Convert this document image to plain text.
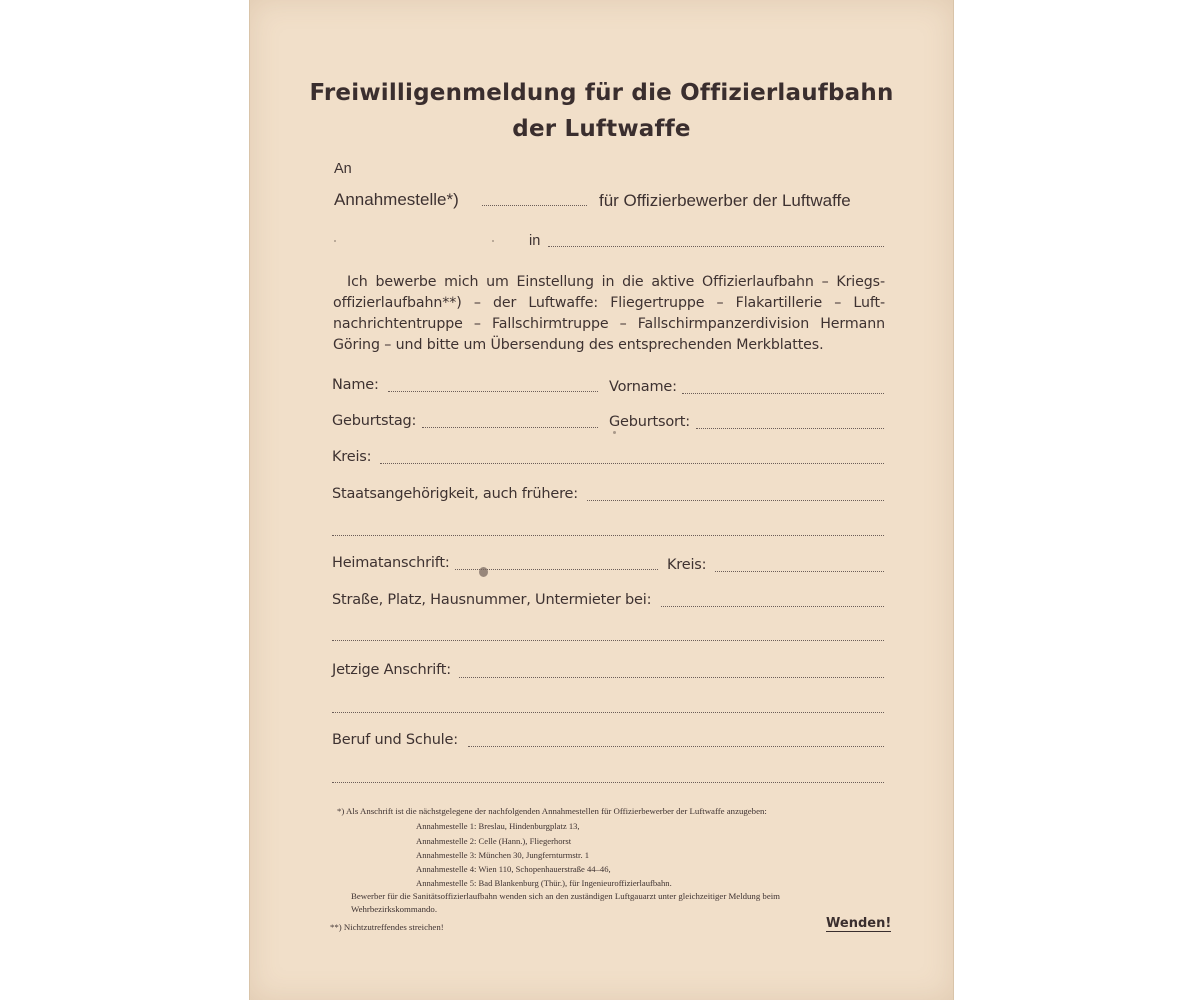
Freiwilligenmeldung für die Offizierlaufbahn
der Luftwaffe
An
Annahmestelle*)	für Offizierbewerber der Luftwaffe
in
Ich bewerbe mich um Einstellung in die aktive Offizierlaufbahn – Kriegs-
offizierlaufbahn**) – der Luftwaffe: Fliegertruppe – Flakartillerie – Luft-
nachrichtentruppe – Fallschirmtruppe – Fallschirmpanzerdivision Hermann
Göring – und bitte um Übersendung des entsprechenden Merkblattes.
Name:	Vorname:
Geburtstag:	Geburtsort:
Kreis:
Staatsangehörigkeit, auch frühere:
Heimatanschrift:	Kreis:
Straße, Platz, Hausnummer, Untermieter bei:
Jetzige Anschrift:
Beruf und Schule:
*) Als Anschrift ist die nächstgelegene der nachfolgenden Annahmestellen für Offizierbewerber der Luftwaffe anzugeben:
Annahmestelle 1: Breslau, Hindenburgplatz 13,
Annahmestelle 2: Celle (Hann.), Fliegerhorst
Annahmestelle 3: München 30, Jungfernturmstr. 1
Annahmestelle 4: Wien 110, Schopenhauerstraße 44–46,
Annahmestelle 5: Bad Blankenburg (Thür.), für Ingenieuroffizierlaufbahn.
Bewerber für die Sanitätsoffizierlaufbahn wenden sich an den zuständigen Luftgauarzt unter gleichzeitiger Meldung beim
Wehrbezirkskommando.
**) Nichtzutreffendes streichen!	Wenden!
